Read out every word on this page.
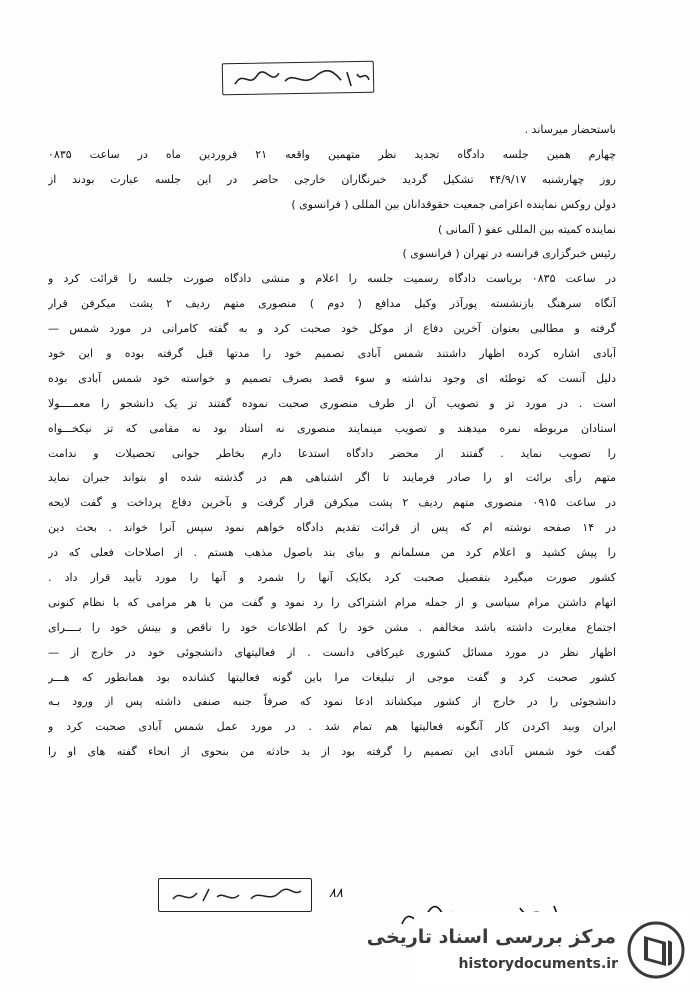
باستحضار میرساند .
چهارم همین جلسه دادگاه تجدید نظر متهمین واقعه ۲۱ فروردین ماه در ساعت ۰۸۳۵
روز چهارشنبه ۴۴/۹/۱۷ تشکیل گردید خبرنگاران خارجی حاضر در این جلسه عبارت بودند از
دولن روکس نماینده اعزامی جمعیت حقوقدانان بین المللی ( فرانسوی )
نماینده کمیته بین المللی عفو ( آلمانی )
رئیس خبرگزاری فرانسه در تهران ( فرانسوی )
در ساعت ۰۸۳۵ بریاست دادگاه رسمیت جلسه را اعلام و منشی دادگاه صورت جلسه را قرائت کرد و
آنگاه سرهنگ بازنشسته پورآذر وکیل مدافع ( دوم ) منصوری متهم ردیف ۲ پشت میکرفن قرار
گرفته و مطالبی بعنوان آخرین دفاع از موکل خود صحبت کرد و به گفته کامرانی در مورد شمس —
آبادی اشاره کرده اظهار داشتند شمس آبادی تصمیم خود را مدتها قبل گرفته بوده و این خود
دلیل آنست که توطئه ای وجود نداشته و سوء قصد بصرف تصمیم و خواسته خود شمس آبادی بوده
است . در مورد تز و تصویب آن از طرف منصوری صحبت نموده گفتند تز یک دانشجو را معمــــولا
استادان مربوطه نمره میدهند و تصویب مینمایند منصوری نه استاد بود نه مقامی که تز نیکخـــواه
را تصویب نماید . گفتند از محضر دادگاه استدعا دارم بخاطر جوانی تحصیلات و ندامت
متهم رأی برائت او را صادر فرمایند تا اگر اشتباهی هم در گذشته شده او بتواند جبران نماید
در ساعت ۰۹۱۵ منصوری متهم ردیف ۲ پشت میکرفن قرار گرفت و بآخرین دفاع پرداخت و گفت لایحه
در ۱۴ صفحه نوشته ام که پس از قرائت تقدیم دادگاه خواهم نمود سپس آنرا خواند . بحث دین
را پیش کشید و اعلام کرد من مسلمانم و بیای بند باصول مذهب هستم . از اصلاحات فعلی که در
کشور صورت میگیرد بتفصیل صحبت کرد یکایک آنها را شمرد و آنها را مورد تأیید قرار داد .
اتهام داشتن مرام سیاسی و از جمله مرام اشتراکی را رد نمود و گفت من با هر مرامی که با نظام کنونی
اجتماع مغایرت داشته باشد مخالفم . مشن خود را کم اطلاعات خود را ناقص و بینش خود را بــــرای
اظهار نظر در مورد مسائل کشوری غیرکافی دانست . از فعالیتهای دانشجوئی خود در خارج از —
کشور صحبت کرد و گفت موجی از تبلیغات مرا باین گونه فعالیتها کشانده بود همانطور که هـــر
دانشجوئی را در خارج از کشور میکشاند ادعا نمود که صرفاً جنبه صنفی داشته پس از ورود بـه
ایران وبید اکردن کار آنگونه فعالیتها هم تمام شد . در مورد عمل شمس آبادی صحبت کرد و
گفت خود شمس آبادی این تصمیم را گرفته بود از بد حادثه من بنحوی از انحاء گفته های او را
۸۸
مرکز بررسی اسناد تاریخی
historydocuments.ir
